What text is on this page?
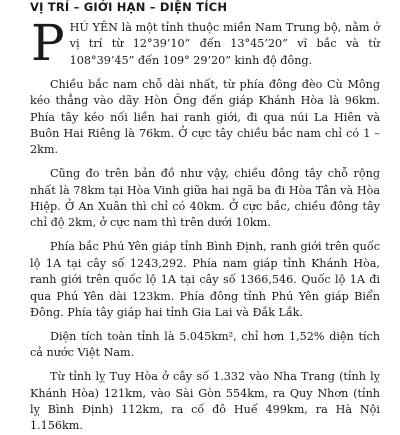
VỊ TRÍ – GIỚI HẠN – DIỆN TÍCH

PHÚ YÊN là một tỉnh thuộc miền Nam Trung bộ, nằm ở vị trí từ 12°39’10” đến 13°45’20” vĩ bắc và từ 108°39’45” đến 109° 29’20” kinh độ đông.

Chiều bắc nam chỗ dài nhất, từ phía đông đèo Cù Mông kéo thẳng vào dãy Hòn Ông đến giáp Khánh Hòa là 96km. Phía tây kéo nối liền hai ranh giới, đi qua núi La Hiên và Buôn Hai Riêng là 76km. Ở cực tây chiều bắc nam chỉ có 1 – 2km.

Cũng đo trên bản đồ như vậy, chiều đông tây chỗ rộng nhất là 78km tại Hòa Vinh giữa hai ngã ba đi Hòa Tân và Hòa Hiệp. Ở An Xuân thì chỉ có 40km. Ở cực bắc, chiều đông tây chỉ độ 2km, ở cực nam thì trên dưới 10km.

Phía bắc Phú Yên giáp tỉnh Bình Định, ranh giới trên quốc lộ 1A tại cây số 1243,292. Phía nam giáp tỉnh Khánh Hòa, ranh giới trên quốc lộ 1A tại cây số 1366,546. Quốc lộ 1A đi qua Phú Yên dài 123km. Phía đông tỉnh Phú Yên giáp Biển Đông. Phía tây giáp hai tỉnh Gia Lai và Đắk Lắk.

Diện tích toàn tỉnh là 5.045km², chỉ hơn 1,52% diện tích cả nước Việt Nam.

Từ tỉnh lỵ Tuy Hòa ở cây số 1.332 vào Nha Trang (tỉnh lỵ Khánh Hòa) 121km, vào Sài Gòn 554km, ra Quy Nhơn (tỉnh lỵ Bình Định) 112km, ra cố đô Huế 499km, ra Hà Nội 1.156km.
